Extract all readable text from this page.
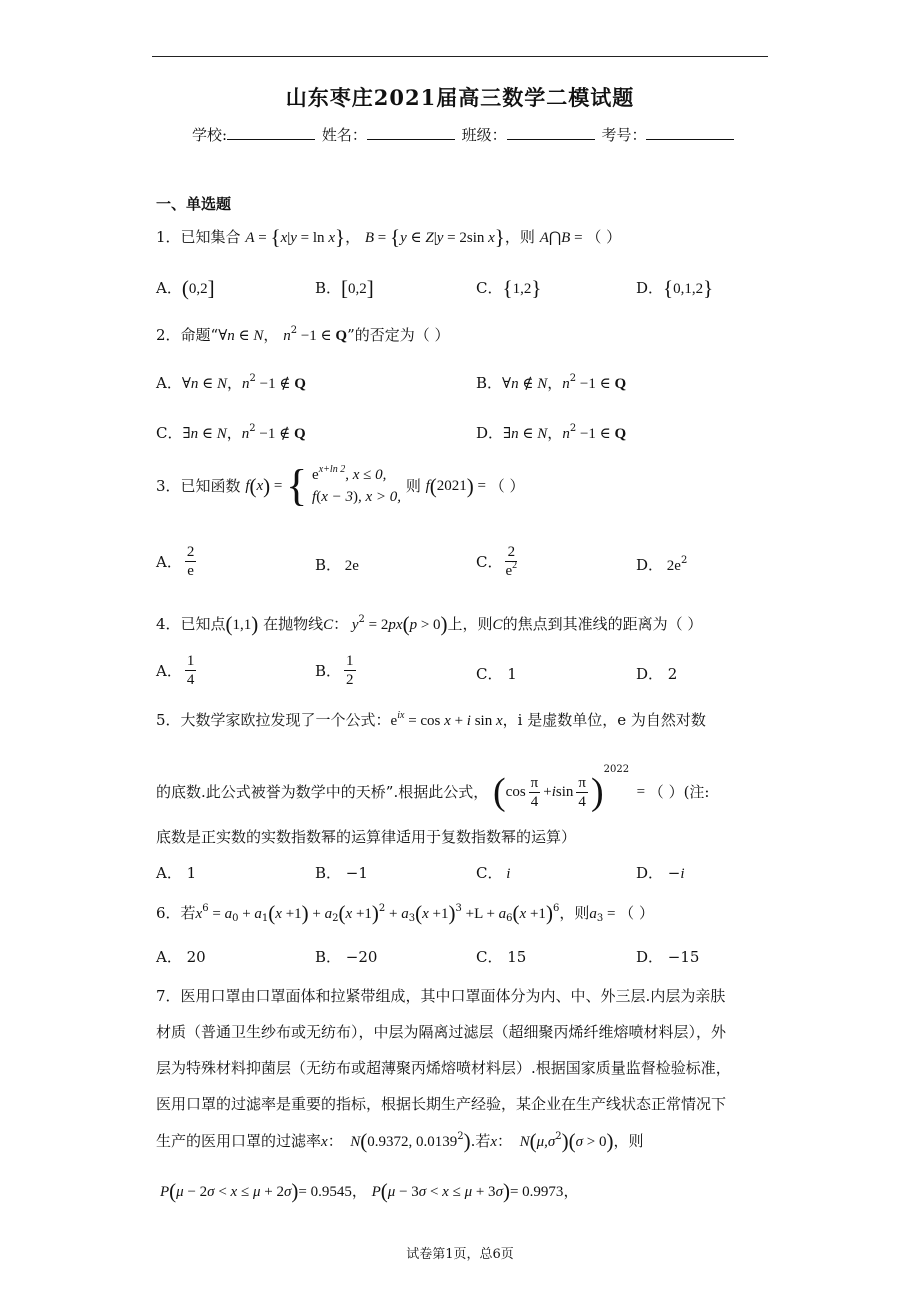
山东枣庄2021届高三数学二模试题
学校:	姓名：	班级：	考号：
一、单选题
1．已知集合 A = {x|y = ln x}， B = {y ∈ Z|y = 2sin x}，则 A⋂B = （ ）
A．(0,2]	B．[0,2]	C．{1,2}	D．{0,1,2}
2．命题“∀n ∈ N， $n^2 -1$ ∈ Q”的否定为（ ）
A．∀n ∈ N，$n^2 -1$ ∉ Q	B．∀n ∉ N，$n^2 -1$ ∈ Q
C．∃n ∈ N，$n^2 -1$ ∉ Q	D．∃n ∈ N，$n^2 -1$ ∈ Q
3．已知函数 f(x) = { $e^{x+ln 2}$, x ≤ 0,
f(x − 3), x > 0, 则 f(2021) = （ ）
A． $\frac{2}{e}$	B． 2e	C． $\frac{2}{e^2}$	D． $2e^2$
4．已知点(1,1) 在抛物线C： $y^2 = 2px(p > 0)$上，则C的焦点到其准线的距离为（ ）
A． $\frac{1}{4}$	B． $\frac{1}{2}$	C． 1	D． 2
5．大数学家欧拉发现了一个公式：$e^{ix} = \cos x + i$ sin x，i 是虚数单位，e 为自然对数
的底数.此公式被誉为数学中的天桥”.根据此公式， $(\cos \frac{\pi}{4} +isin \frac{\pi}{4} )^{2022}$  = （ ）(注:
底数是正实数的实数指数幂的运算律适用于复数指数幂的运算）
A． 1	B． −1	C． i	D． −i
6．若$x^6 = a_0 + a_1(x +1) + a_2(x +1)^2 + a_3(x +1)^3 +L + a_6(x +1)^6$，则$a_3$ = （ ）
A． 20	B． −20	C． 15	D． −15
7．医用口罩由口罩面体和拉紧带组成，其中口罩面体分为内、中、外三层.内层为亲肤
材质（普通卫生纱布或无纺布），中层为隔离过滤层（超细聚丙烯纤维熔喷材料层），外
层为特殊材料抑菌层（无纺布或超薄聚丙烯熔喷材料层）.根据国家质量监督检验标准，
医用口罩的过滤率是重要的指标，根据长期生产经验，某企业在生产线状态正常情况下
生产的医用口罩的过滤率x：  N(0.9372, 0.0139$^2$).若x：  $N(\mu,\sigma^2)(\sigma > 0)$，则
P(μ − 2σ < x ≤ μ + 2σ)= 0.9545， P(μ − 3σ < x ≤ μ + 3σ)= 0.9973，
试卷第1页，总6页
